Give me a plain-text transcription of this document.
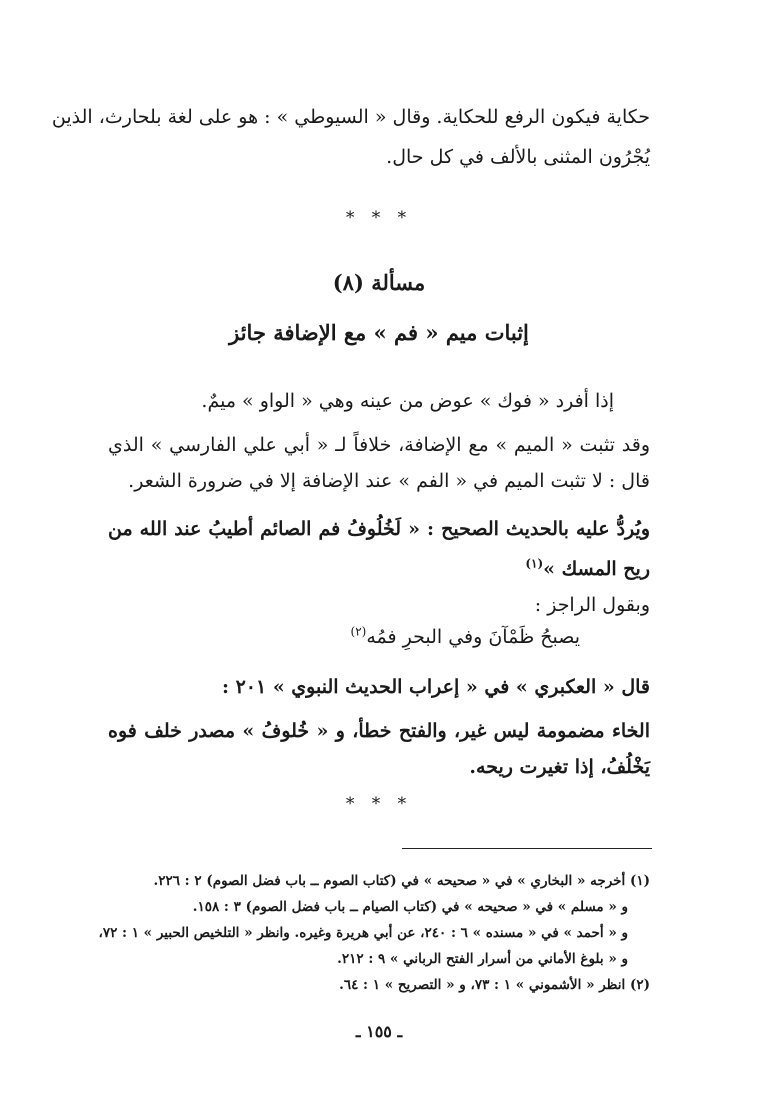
حكاية فيكون الرفع للحكاية. وقال « السيوطي » : هو على لغة بلحارث، الذين
يُجْرُون المثنى بالألف في كل حال.
* * *
مسألة (٨)
إثبات ميم « فم » مع الإضافة جائز
إذا أفرد « فوك » عوض من عينه وهي « الواو » ميمٌ.
وقد تثبت « الميم » مع الإضافة، خلافاً لـ « أبي علي الفارسي » الذي
قال : لا تثبت الميم في « الفم » عند الإضافة إلا في ضرورة الشعر.
ويُردُّ عليه بالحديث الصحيح : « لَخُلُوفُ فم الصائم أطيبُ عند الله من
ريح المسك »$^{(١)}$
وبقول الراجز :
يصبحُ ظَمْآنَ وفي البحرِ فمُه$^{(٢)}$
قال « العكبري » في « إعراب الحديث النبوي » ٢٠١ :
الخاء مضمومة ليس غير، والفتح خطأ، و « خُلوفُ » مصدر خلف فوه
يَخْلُفُ، إذا تغيرت ريحه.
* * *
(١) أخرجه « البخاري » في « صحيحه » في (كتاب الصوم ــ باب فضل الصوم) ٢ : ٢٢٦.
و « مسلم » في « صحيحه » في (كتاب الصيام ــ باب فضل الصوم) ٣ : ١٥٨.
و « أحمد » في « مسنده » ٦ : ٢٤٠، عن أبي هريرة وغيره. وانظر « التلخيص الحبير » ١ : ٧٢،
و « بلوغ الأماني من أسرار الفتح الرباني » ٩ : ٢١٢.
(٢) انظر « الأشموني » ١ : ٧٣، و « التصريح » ١ : ٦٤.
ـ ١٥٥ ـ
